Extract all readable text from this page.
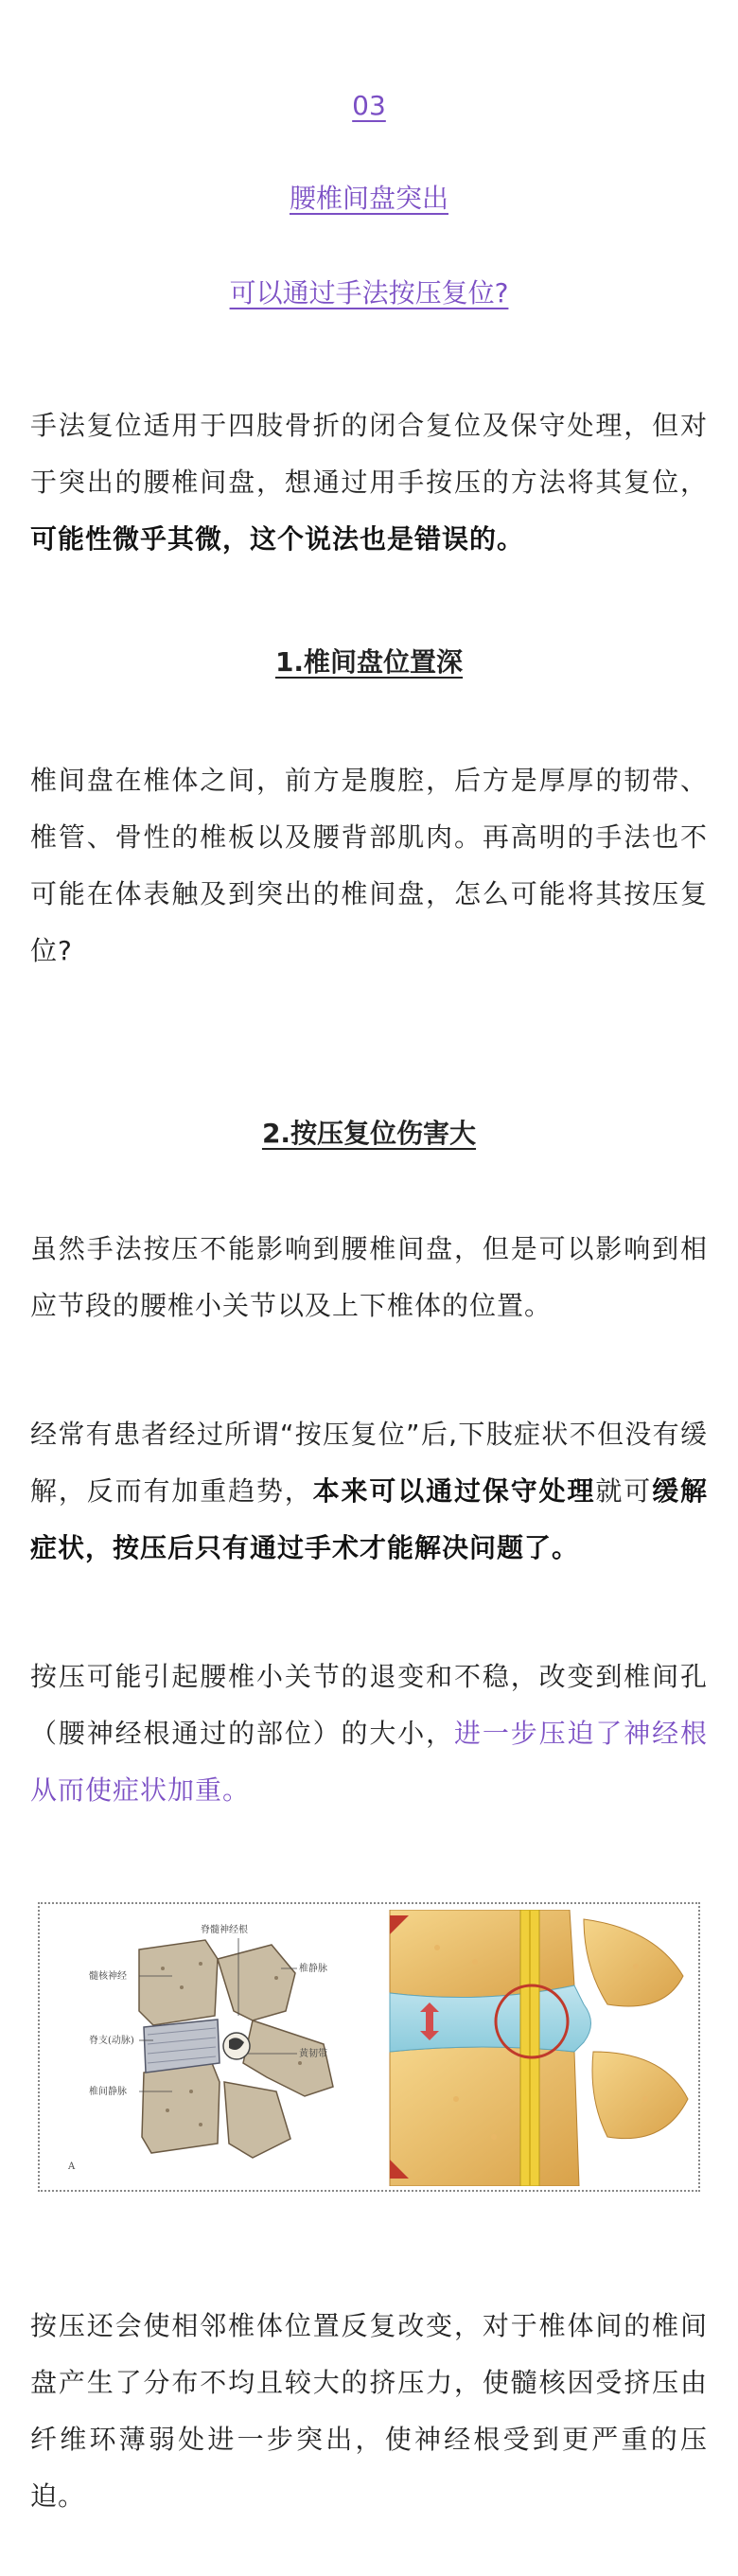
03
腰椎间盘突出
可以通过手法按压复位?

手法复位适用于四肢骨折的闭合复位及保守处理，但对于突出的腰椎间盘，想通过用手按压的方法将其复位，可能性微乎其微，这个说法也是错误的。

1.椎间盘位置深

椎间盘在椎体之间，前方是腹腔，后方是厚厚的韧带、椎管、骨性的椎板以及腰背部肌肉。再高明的手法也不可能在体表触及到突出的椎间盘，怎么可能将其按压复位?

2.按压复位伤害大

虽然手法按压不能影响到腰椎间盘，但是可以影响到相应节段的腰椎小关节以及上下椎体的位置。

经常有患者经过所谓“按压复位”后,下肢症状不但没有缓解，反而有加重趋势，本来可以通过保守处理就可缓解症状，按压后只有通过手术才能解决问题了。

按压可能引起腰椎小关节的退变和不稳，改变到椎间孔（腰神经根通过的部位）的大小，进一步压迫了神经根从而使症状加重。

脊髓神经根
髓核神经
脊支(动脉)
椎间静脉
椎静脉
黄韧带
A

按压还会使相邻椎体位置反复改变，对于椎体间的椎间盘产生了分布不均且较大的挤压力，使髓核因受挤压由纤维环薄弱处进一步突出，使神经根受到更严重的压迫。
